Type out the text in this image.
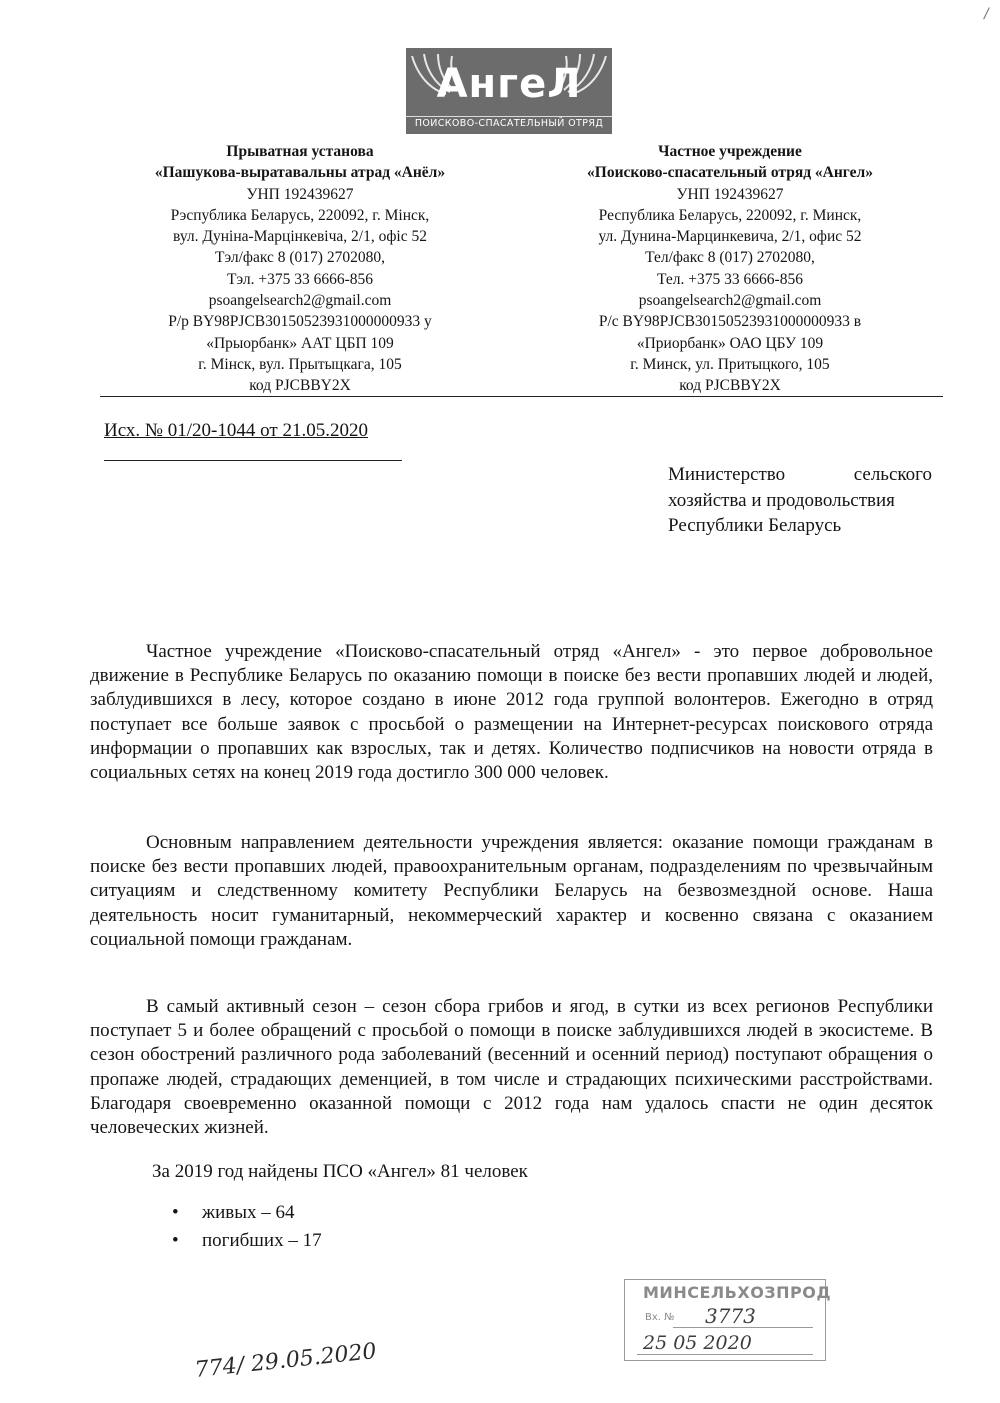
АнгеЛ
ПОИСКОВО-СПАСАТЕЛЬНЫЙ ОТРЯД
Прыватная установа
«Пашукова-выратавальны атрад «Анёл»
УНП 192439627
Рэспублика Беларусь, 220092, г. Мінск,
вул. Дуніна-Марцінкевіча, 2/1, офіс 52
Тэл/факс 8 (017) 2702080,
Тэл. +375 33 6666-856
psoangelsearch2@gmail.com
Р/р BY98PJCB30150523931000000933 у
«Прыорбанк» ААТ ЦБП 109
г. Мінск, вул. Прытыцкага, 105
код PJCBBY2X
Частное учреждение
«Поисково-спасательный отряд «Ангел»
УНП 192439627
Республика Беларусь, 220092, г. Минск,
ул. Дунина-Марцинкевича, 2/1, офис 52
Тел/факс 8 (017) 2702080,
Тел. +375 33 6666-856
psoangelsearch2@gmail.com
Р/с BY98PJCB30150523931000000933 в
«Приорбанк» ОАО ЦБУ 109
г. Минск, ул. Притыцкого, 105
код PJCBBY2X
Исх. № 01/20-1044 от 21.05.2020
Министерство сельского
хозяйства и продовольствия
Республики Беларусь

Частное учреждение «Поисково-спасательный отряд «Ангел» - это первое добровольное движение в Республике Беларусь по оказанию помощи в поиске без вести пропавших людей и людей, заблудившихся в лесу, которое создано в июне 2012 года группой волонтеров. Ежегодно в отряд поступает все больше заявок с просьбой о размещении на Интернет-ресурсах поискового отряда информации о пропавших как взрослых, так и детях. Количество подписчиков на новости отряда в социальных сетях на конец 2019 года достигло 300 000 человек.

Основным направлением деятельности учреждения является: оказание помощи гражданам в поиске без вести пропавших людей, правоохранительным органам, подразделениям по чрезвычайным ситуациям и следственному комитету Республики Беларусь на безвозмездной основе. Наша деятельность носит гуманитарный, некоммерческий характер и косвенно связана с оказанием социальной помощи гражданам.

В самый активный сезон – сезон сбора грибов и ягод, в сутки из всех регионов Республики поступает 5 и более обращений с просьбой о помощи в поиске заблудившихся людей в экосистеме. В сезон обострений различного рода заболеваний (весенний и осенний период) поступают обращения о пропаже людей, страдающих деменцией, в том числе и страдающих психическими расстройствами. Благодаря своевременно оказанной помощи с 2012 года нам удалось спасти не один десяток человеческих жизней.

За 2019 год найдены ПСО «Ангел» 81 человек
• живых – 64
• погибших – 17
МИНСЕЛЬХОЗПРОД
Вх. № 3773
25 05 2020
774/ 29.05.2020
/
